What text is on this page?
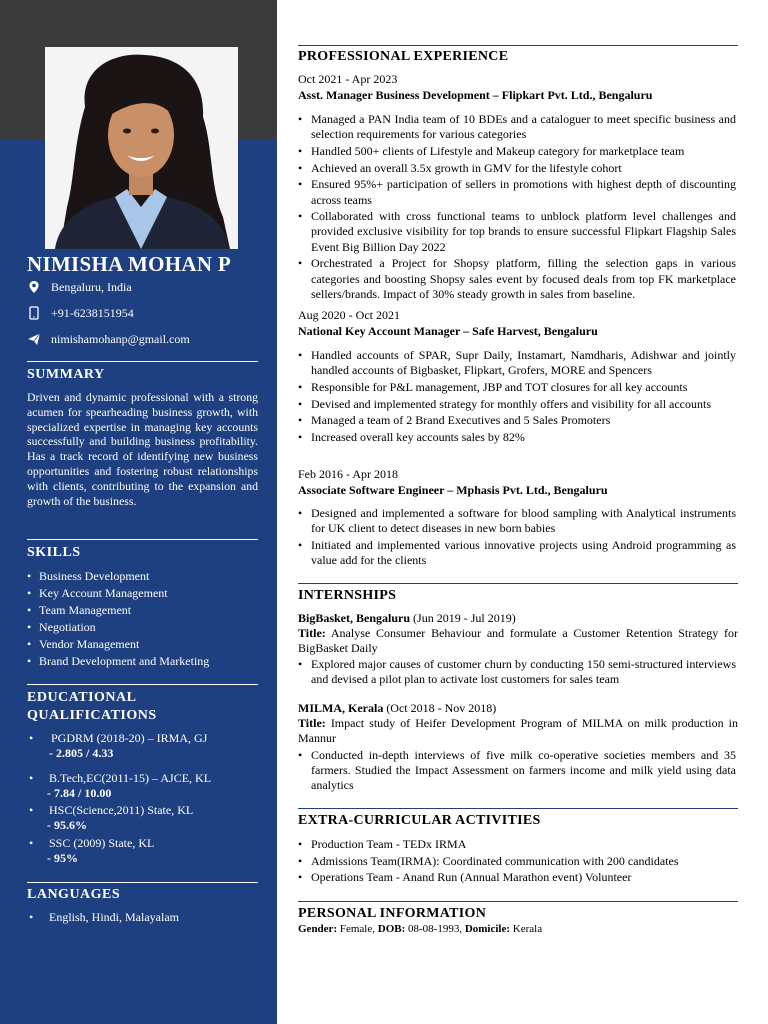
NIMISHA MOHAN P
Bengaluru, India
+91-6238151954
nimishamohanp@gmail.com
SUMMARY

Driven and dynamic professional with a strong acumen for spearheading business growth, with specialized expertise in managing key accounts successfully and building business profitability. Has a track record of identifying new business opportunities and fostering robust relationships with clients, contributing to the expansion and growth of the business.

SKILLS
• Business Development
• Key Account Management
• Team Management
• Negotiation
• Vendor Management
• Brand Development and Marketing
EDUCATIONAL
QUALIFICATIONS
• PGDRM (2018-20) – IRMA, GJ
- 2.805 / 4.33
• B.Tech,EC(2011-15) – AJCE, KL
- 7.84 / 10.00
• HSC(Science,2011) State, KL
- 95.6%
• SSC (2009) State, KL
- 95%
LANGUAGES
• English, Hindi, Malayalam
PROFESSIONAL EXPERIENCE
Oct 2021 - Apr 2023
Asst. Manager Business Development – Flipkart Pvt. Ltd., Bengaluru
• Managed a PAN India team of 10 BDEs and a cataloguer to meet specific business and selection requirements for various categories
• Handled 500+ clients of Lifestyle and Makeup category for marketplace team
• Achieved an overall 3.5x growth in GMV for the lifestyle cohort
• Ensured 95%+ participation of sellers in promotions with highest depth of discounting across teams
• Collaborated with cross functional teams to unblock platform level challenges and provided exclusive visibility for top brands to ensure successful Flipkart Flagship Sales Event Big Billion Day 2022
• Orchestrated a Project for Shopsy platform, filling the selection gaps in various categories and boosting Shopsy sales event by focused deals from top FK marketplace sellers/brands. Impact of 30% steady growth in sales from baseline.
Aug 2020 - Oct 2021
National Key Account Manager – Safe Harvest, Bengaluru
• Handled accounts of SPAR, Supr Daily, Instamart, Namdharis, Adishwar and jointly handled accounts of Bigbasket, Flipkart, Grofers, MORE and Spencers
• Responsible for P&L management, JBP and TOT closures for all key accounts
• Devised and implemented strategy for monthly offers and visibility for all accounts
• Managed a team of 2 Brand Executives and 5 Sales Promoters
• Increased overall key accounts sales by 82%
Feb 2016 - Apr 2018
Associate Software Engineer – Mphasis Pvt. Ltd., Bengaluru
• Designed and implemented a software for blood sampling with Analytical instruments for UK client to detect diseases in new born babies
• Initiated and implemented various innovative projects using Android programming as value add for the clients
INTERNSHIPS
BigBasket, Bengaluru (Jun 2019 - Jul 2019)

Title: Analyse Consumer Behaviour and formulate a Customer Retention Strategy for BigBasket Daily

• Explored major causes of customer churn by conducting 150 semi-structured interviews and devised a pilot plan to activate lost customers for sales team
MILMA, Kerala (Oct 2018 - Nov 2018)

Title: Impact study of Heifer Development Program of MILMA on milk production in Mannur

• Conducted in-depth interviews of five milk co-operative societies members and 35 farmers. Studied the Impact Assessment on farmers income and milk yield using data analytics
EXTRA-CURRICULAR ACTIVITIES
• Production Team - TEDx IRMA
• Admissions Team(IRMA): Coordinated communication with 200 candidates
• Operations Team - Anand Run (Annual Marathon event) Volunteer
PERSONAL INFORMATION
Gender: Female, DOB: 08-08-1993, Domicile: Kerala
